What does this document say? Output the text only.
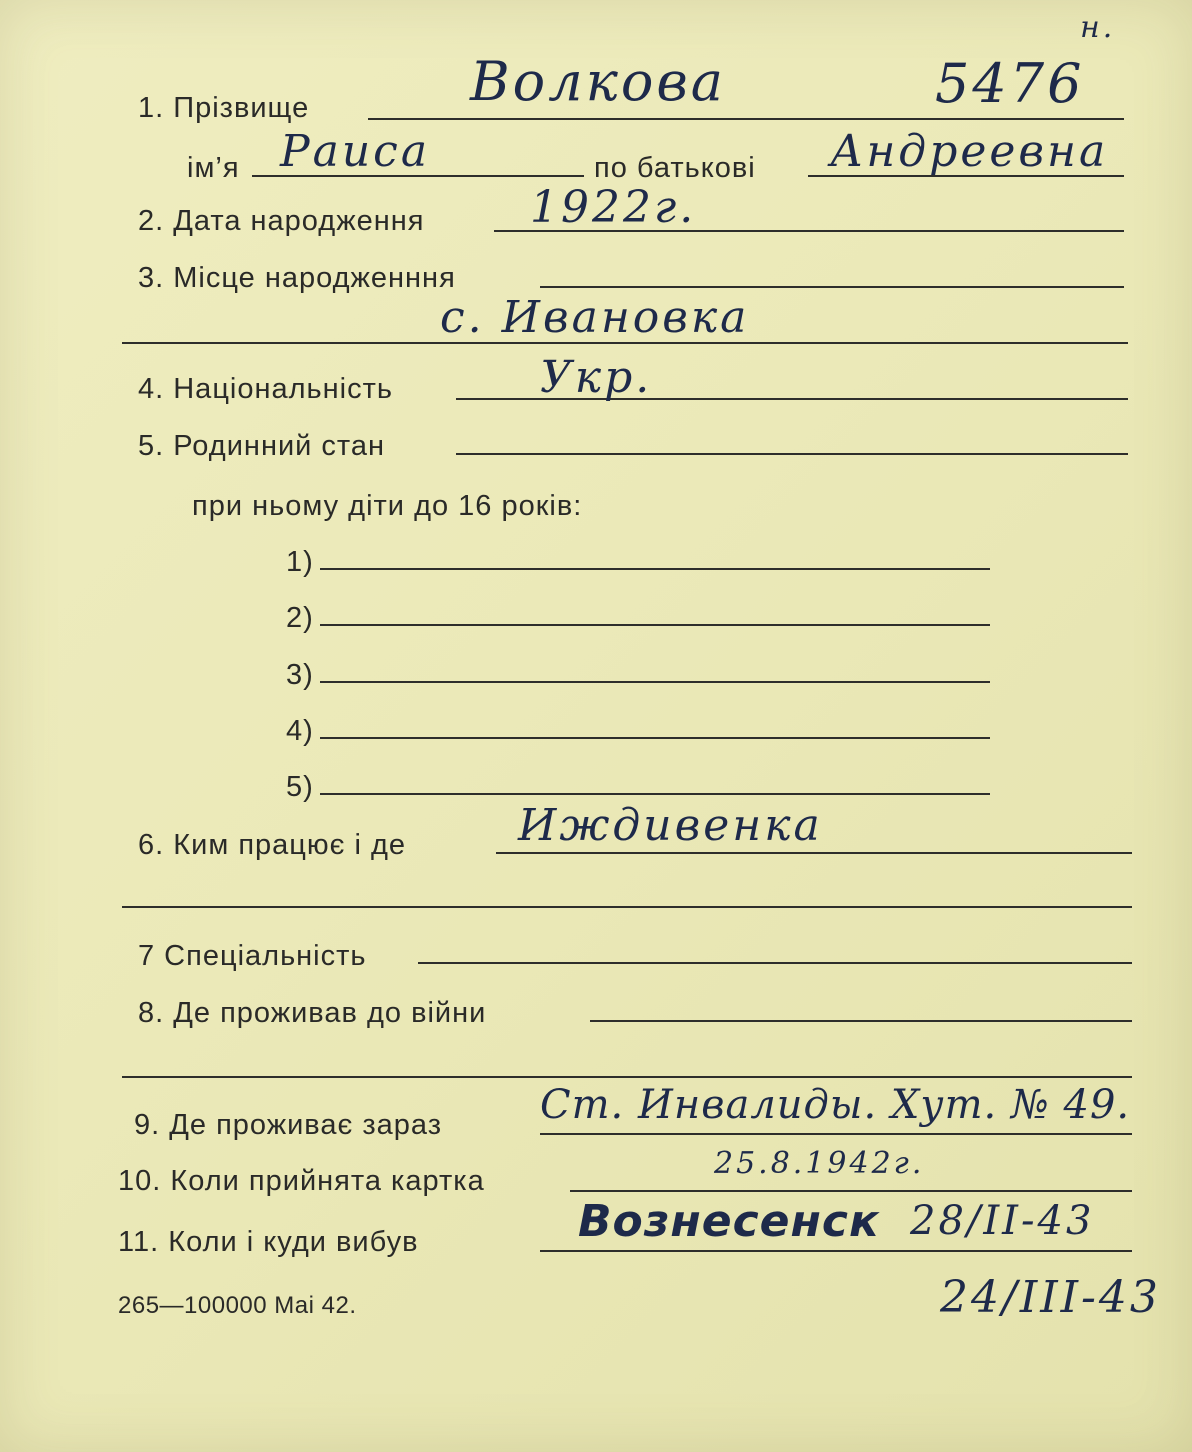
1. Прізвище	Волкова	5476
н.
ім’я Раиса	по батькові Андреевна
2. Дата народження 1922г.
3. Місце народженння
с. Ивановка
4. Національність	Укр.
5. Родинний стан
при ньому діти до 16 років:
1)
2)
3)
4)
5)
6. Ким працює і де	Иждивенка
7 Спеціальність
8. Де проживав до війни
9. Де проживає зараз Ст. Инвалиды. Хут. № 49.
10. Коли прийнята картка	25.8.1942г.
11. Коли і куди вибув	Вознесенск 28/II-43
24/III-43
265—100000 Mai 42.
